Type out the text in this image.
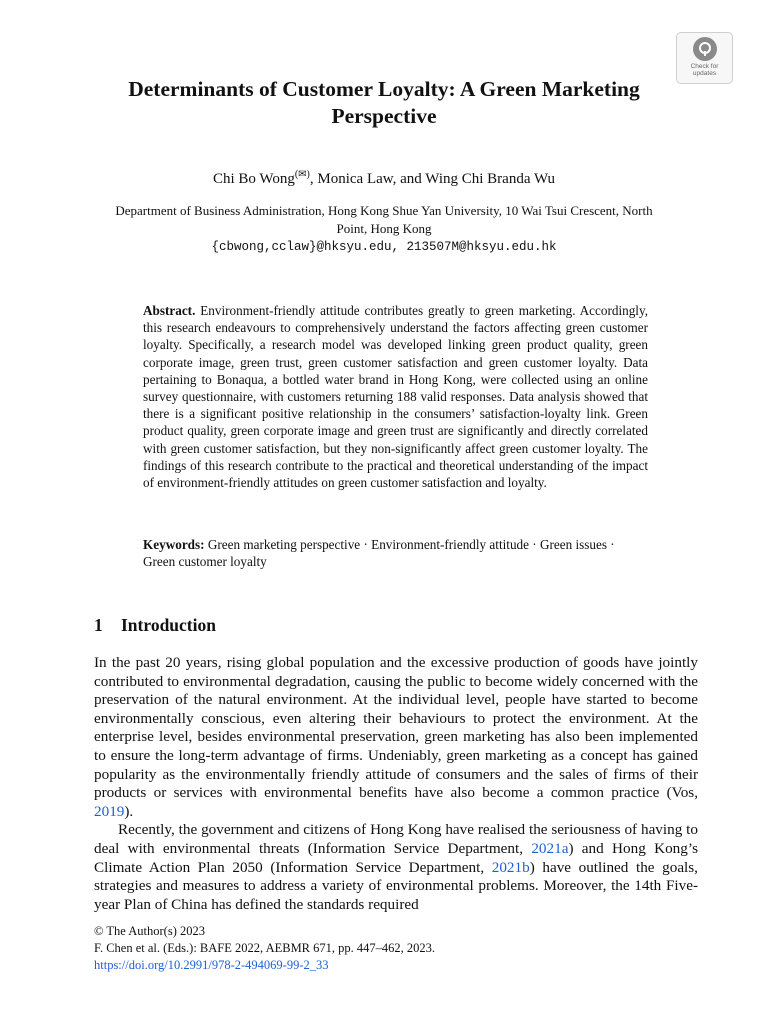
Check for
updates
Determinants of Customer Loyalty: A Green Marketing Perspective
Chi Bo Wong(✉), Monica Law, and Wing Chi Branda Wu
Department of Business Administration, Hong Kong Shue Yan University, 10 Wai Tsui Crescent, North Point, Hong Kong
{cbwong,cclaw}@hksyu.edu, 213507M@hksyu.edu.hk
Abstract. Environment-friendly attitude contributes greatly to green marketing. Accordingly, this research endeavours to comprehensively understand the factors affecting green customer loyalty. Specifically, a research model was developed linking green product quality, green corporate image, green trust, green customer satisfaction and green customer loyalty. Data pertaining to Bonaqua, a bottled water brand in Hong Kong, were collected using an online survey questionnaire, with customers returning 188 valid responses. Data analysis showed that there is a significant positive relationship in the consumers’ satisfaction-loyalty link. Green product quality, green corporate image and green trust are significantly and directly correlated with green customer satisfaction, but they non-significantly affect green customer loyalty. The findings of this research contribute to the practical and theoretical understanding of the impact of environment-friendly attitudes on green customer satisfaction and loyalty.
Keywords: Green marketing perspective · Environment-friendly attitude · Green issues · Green customer loyalty
1 Introduction

In the past 20 years, rising global population and the excessive production of goods have jointly contributed to environmental degradation, causing the public to become widely concerned with the preservation of the natural environment. At the individual level, people have started to become environmentally conscious, even altering their behaviours to protect the environment. At the enterprise level, besides environmental preservation, green marketing has also been implemented to ensure the long-term advantage of firms. Undeniably, green marketing as a concept has gained popularity as the environmentally friendly attitude of consumers and the sales of firms of their products or services with environmental benefits have also become a common practice (Vos, 2019).

Recently, the government and citizens of Hong Kong have realised the seriousness of having to deal with environmental threats (Information Service Department, 2021a) and Hong Kong’s Climate Action Plan 2050 (Information Service Department, 2021b) have outlined the goals, strategies and measures to address a variety of environmental problems. Moreover, the 14th Five-year Plan of China has defined the standards required

© The Author(s) 2023
F. Chen et al. (Eds.): BAFE 2022, AEBMR 671, pp. 447–462, 2023.
https://doi.org/10.2991/978-2-494069-99-2_33
